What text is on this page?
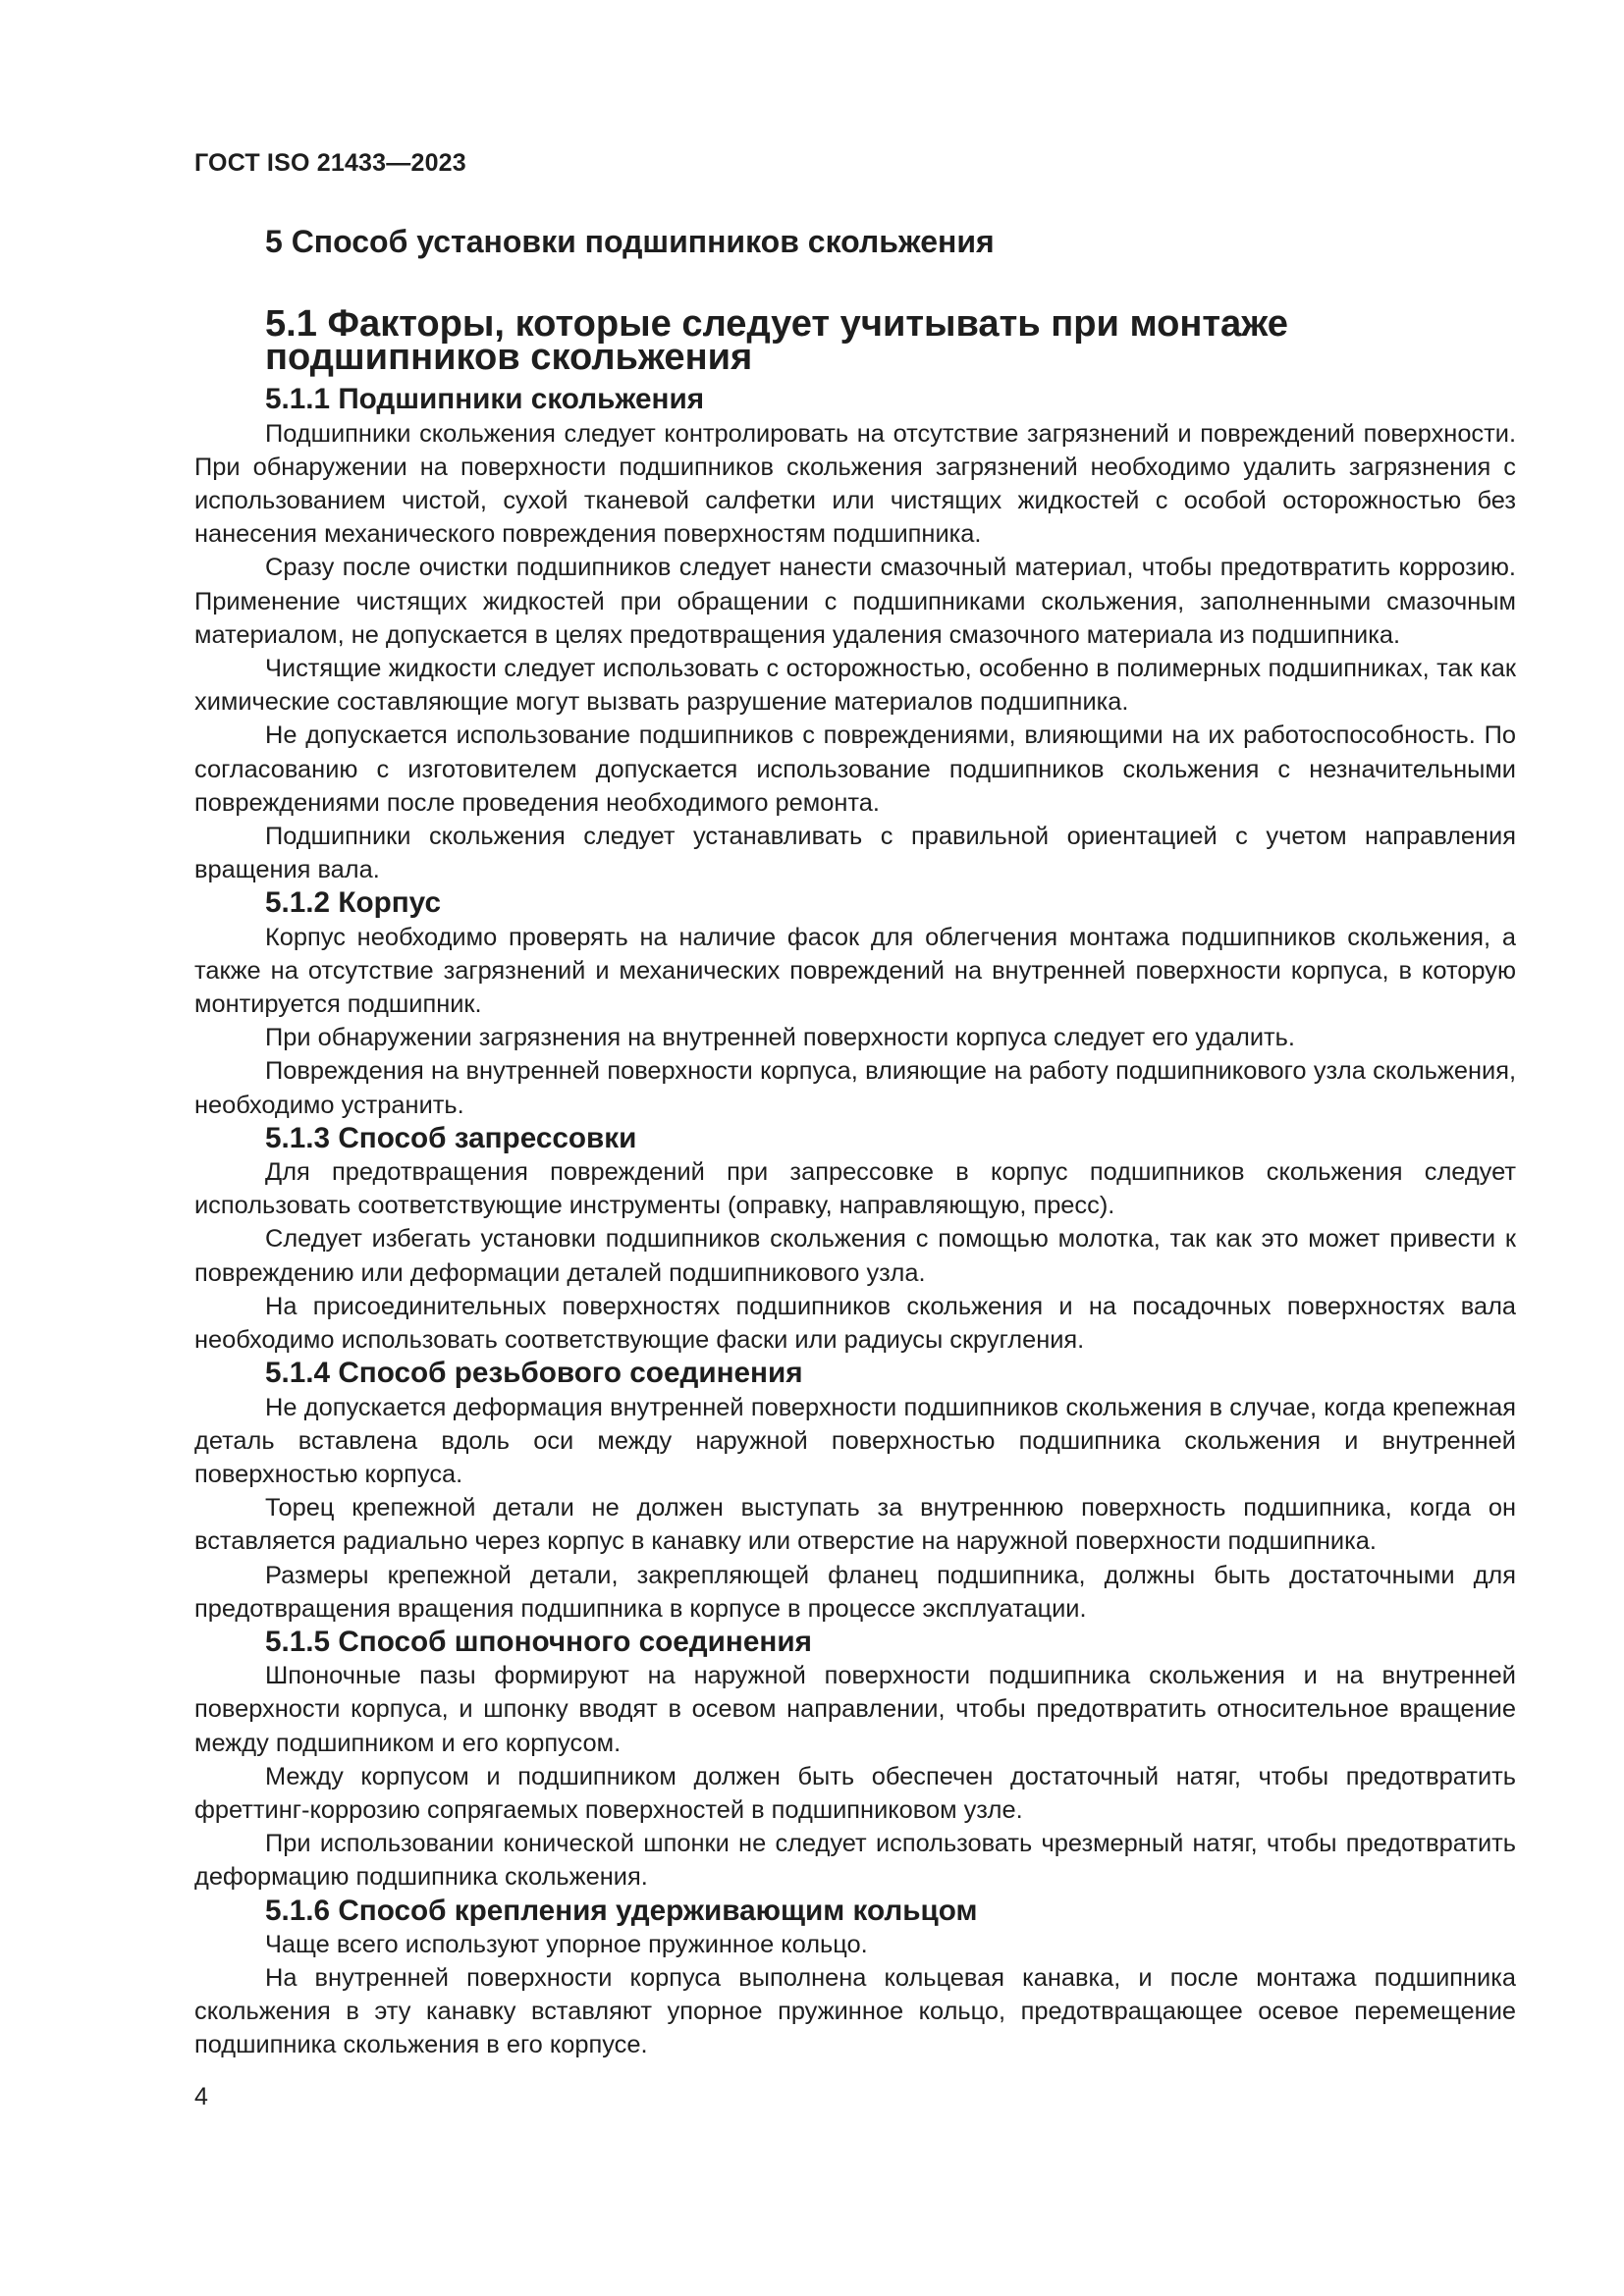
ГОСТ ISO 21433—2023
5 Способ установки подшипников скольжения
5.1 Факторы, которые следует учитывать при монтаже подшипников скольжения
5.1.1 Подшипники скольжения

Подшипники скольжения следует контролировать на отсутствие загрязнений и повреждений поверхности. При обнаружении на поверхности подшипников скольжения загрязнений необходимо удалить загрязнения с использованием чистой, сухой тканевой салфетки или чистящих жидкостей с особой осторожностью без нанесения механического повреждения поверхностям подшипника.

Сразу после очистки подшипников следует нанести смазочный материал, чтобы предотвратить коррозию. Применение чистящих жидкостей при обращении с подшипниками скольжения, заполненными смазочным материалом, не допускается в целях предотвращения удаления смазочного материала из подшипника.

Чистящие жидкости следует использовать с осторожностью, особенно в полимерных подшипниках, так как химические составляющие могут вызвать разрушение материалов подшипника.

Не допускается использование подшипников с повреждениями, влияющими на их работоспособность. По согласованию с изготовителем допускается использование подшипников скольжения с незначительными повреждениями после проведения необходимого ремонта.

Подшипники скольжения следует устанавливать с правильной ориентацией с учетом направления вращения вала.

5.1.2 Корпус

Корпус необходимо проверять на наличие фасок для облегчения монтажа подшипников скольжения, а также на отсутствие загрязнений и механических повреждений на внутренней поверхности корпуса, в которую монтируется подшипник.

При обнаружении загрязнения на внутренней поверхности корпуса следует его удалить.

Повреждения на внутренней поверхности корпуса, влияющие на работу подшипникового узла скольжения, необходимо устранить.

5.1.3 Способ запрессовки

Для предотвращения повреждений при запрессовке в корпус подшипников скольжения следует использовать соответствующие инструменты (оправку, направляющую, пресс).

Следует избегать установки подшипников скольжения с помощью молотка, так как это может привести к повреждению или деформации деталей подшипникового узла.

На присоединительных поверхностях подшипников скольжения и на посадочных поверхностях вала необходимо использовать соответствующие фаски или радиусы скругления.

5.1.4 Способ резьбового соединения

Не допускается деформация внутренней поверхности подшипников скольжения в случае, когда крепежная деталь вставлена вдоль оси между наружной поверхностью подшипника скольжения и внутренней поверхностью корпуса.

Торец крепежной детали не должен выступать за внутреннюю поверхность подшипника, когда он вставляется радиально через корпус в канавку или отверстие на наружной поверхности подшипника.

Размеры крепежной детали, закрепляющей фланец подшипника, должны быть достаточными для предотвращения вращения подшипника в корпусе в процессе эксплуатации.

5.1.5 Способ шпоночного соединения

Шпоночные пазы формируют на наружной поверхности подшипника скольжения и на внутренней поверхности корпуса, и шпонку вводят в осевом направлении, чтобы предотвратить относительное вращение между подшипником и его корпусом.

Между корпусом и подшипником должен быть обеспечен достаточный натяг, чтобы предотвратить фреттинг-коррозию сопрягаемых поверхностей в подшипниковом узле.

При использовании конической шпонки не следует использовать чрезмерный натяг, чтобы предотвратить деформацию подшипника скольжения.

5.1.6 Способ крепления удерживающим кольцом

Чаще всего используют упорное пружинное кольцо.

На внутренней поверхности корпуса выполнена кольцевая канавка, и после монтажа подшипника скольжения в эту канавку вставляют упорное пружинное кольцо, предотвращающее осевое перемещение подшипника скольжения в его корпусе.

4
